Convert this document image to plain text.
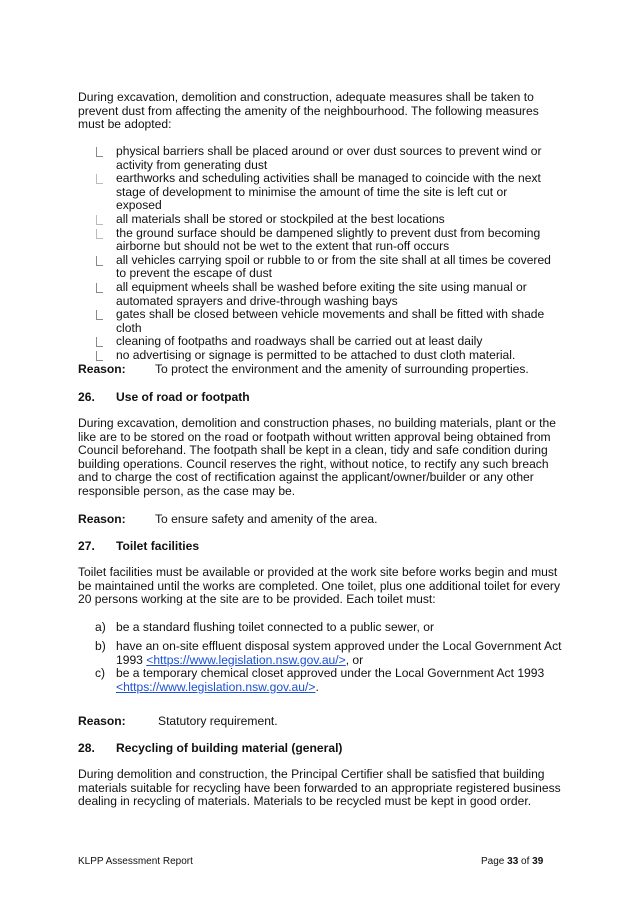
During excavation, demolition and construction, adequate measures shall be taken to prevent dust from affecting the amenity of the neighbourhood. The following measures must be adopted:

physical barriers shall be placed around or over dust sources to prevent wind or activity from generating dust
earthworks and scheduling activities shall be managed to coincide with the next stage of development to minimise the amount of time the site is left cut or exposed
all materials shall be stored or stockpiled at the best locations
the ground surface should be dampened slightly to prevent dust from becoming airborne but should not be wet to the extent that run-off occurs
all vehicles carrying spoil or rubble to or from the site shall at all times be covered to prevent the escape of dust
all equipment wheels shall be washed before exiting the site using manual or automated sprayers and drive-through washing bays
gates shall be closed between vehicle movements and shall be fitted with shade cloth
cleaning of footpaths and roadways shall be carried out at least daily
no advertising or signage is permitted to be attached to dust cloth material.
Reason: To protect the environment and the amenity of surrounding properties.
26. Use of road or footpath

During excavation, demolition and construction phases, no building materials, plant or the like are to be stored on the road or footpath without written approval being obtained from Council beforehand. The footpath shall be kept in a clean, tidy and safe condition during building operations. Council reserves the right, without notice, to rectify any such breach and to charge the cost of rectification against the applicant/owner/builder or any other responsible person, as the case may be.

Reason: To ensure safety and amenity of the area.
27. Toilet facilities

Toilet facilities must be available or provided at the work site before works begin and must be maintained until the works are completed. One toilet, plus one additional toilet for every 20 persons working at the site are to be provided. Each toilet must:

a) be a standard flushing toilet connected to a public sewer, or
b) have an on-site effluent disposal system approved under the Local Government Act 1993 <https://www.legislation.nsw.gov.au/>, or
c) be a temporary chemical closet approved under the Local Government Act 1993 <https://www.legislation.nsw.gov.au/>.
Reason:	Statutory requirement.
28. Recycling of building material (general)

During demolition and construction, the Principal Certifier shall be satisfied that building materials suitable for recycling have been forwarded to an appropriate registered business dealing in recycling of materials. Materials to be recycled must be kept in good order.

KLPP Assessment Report	Page 33 of 39
